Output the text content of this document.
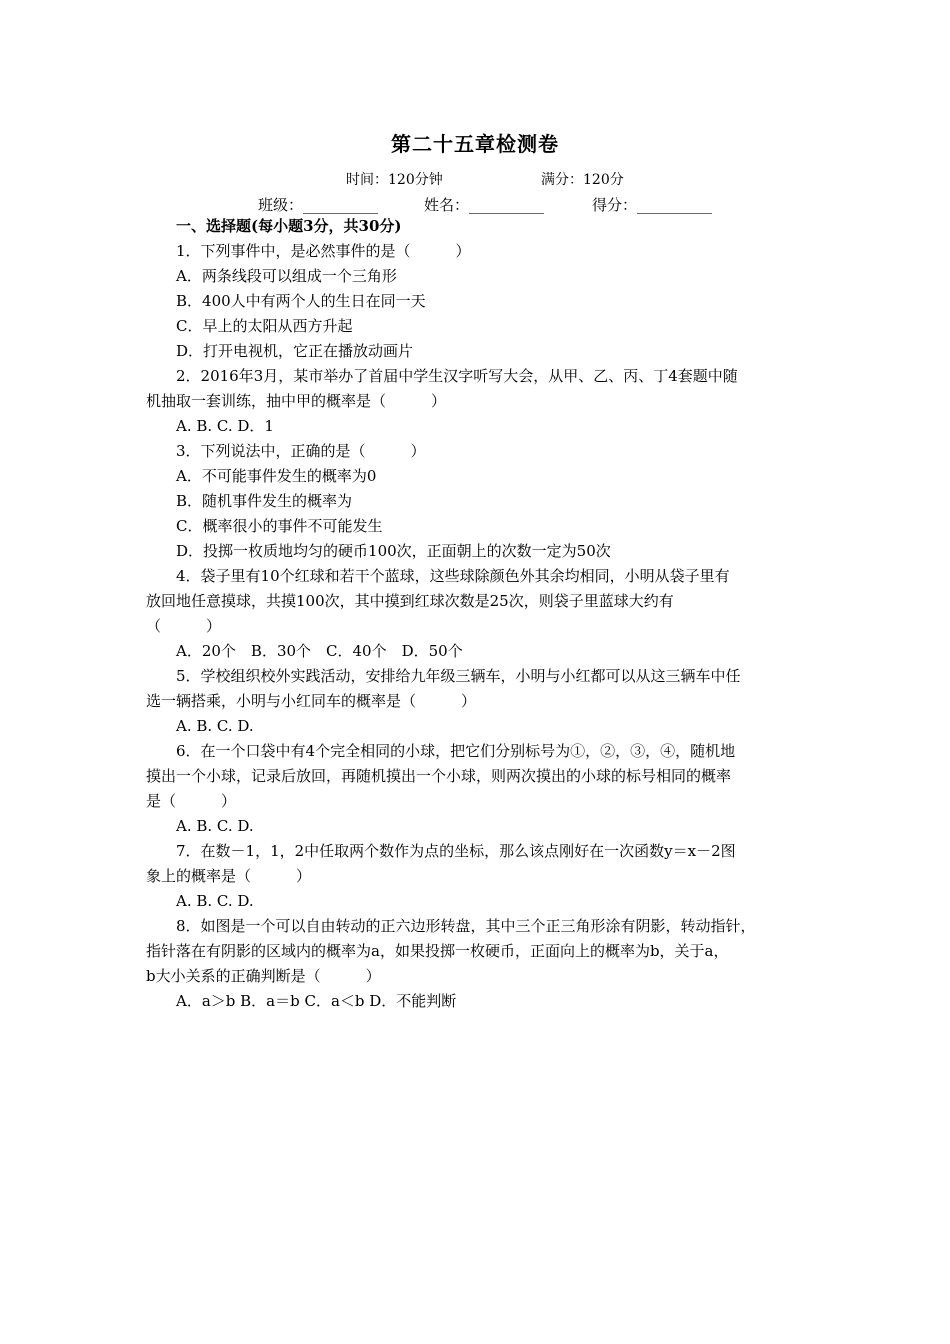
第二十五章检测卷
时间：120分钟	满分：120分
班级：__________	姓名：__________	得分：__________
一、选择题(每小题3分，共30分)
1．下列事件中，是必然事件的是（　　　）
A．两条线段可以组成一个三角形
B．400人中有两个人的生日在同一天
C．早上的太阳从西方升起
D．打开电视机，它正在播放动画片
2．2016年3月，某市举办了首届中学生汉字听写大会，从甲、乙、丙、丁4套题中随
机抽取一套训练，抽中甲的概率是（　　　）
A. B. C. D．1
3．下列说法中，正确的是（　　　）
A．不可能事件发生的概率为0
B．随机事件发生的概率为
C．概率很小的事件不可能发生
D．投掷一枚质地均匀的硬币100次，正面朝上的次数一定为50次
4．袋子里有10个红球和若干个蓝球，这些球除颜色外其余均相同，小明从袋子里有
放回地任意摸球，共摸100次，其中摸到红球次数是25次，则袋子里蓝球大约有
（　　　）
A．20个　B．30个　C．40个　D．50个
5．学校组织校外实践活动，安排给九年级三辆车，小明与小红都可以从这三辆车中任
选一辆搭乘，小明与小红同车的概率是（　　　）
A. B. C. D.
6．在一个口袋中有4个完全相同的小球，把它们分别标号为①，②，③，④，随机地
摸出一个小球，记录后放回，再随机摸出一个小球，则两次摸出的小球的标号相同的概率
是（　　　）
A. B. C. D.
7．在数－1，1，2中任取两个数作为点的坐标，那么该点刚好在一次函数y＝x－2图
象上的概率是（　　　）
A. B. C. D.
8．如图是一个可以自由转动的正六边形转盘，其中三个正三角形涂有阴影，转动指针，
指针落在有阴影的区域内的概率为a，如果投掷一枚硬币，正面向上的概率为b，关于a，
b大小关系的正确判断是（　　　）
A．a＞b B．a＝b C．a＜b D．不能判断
